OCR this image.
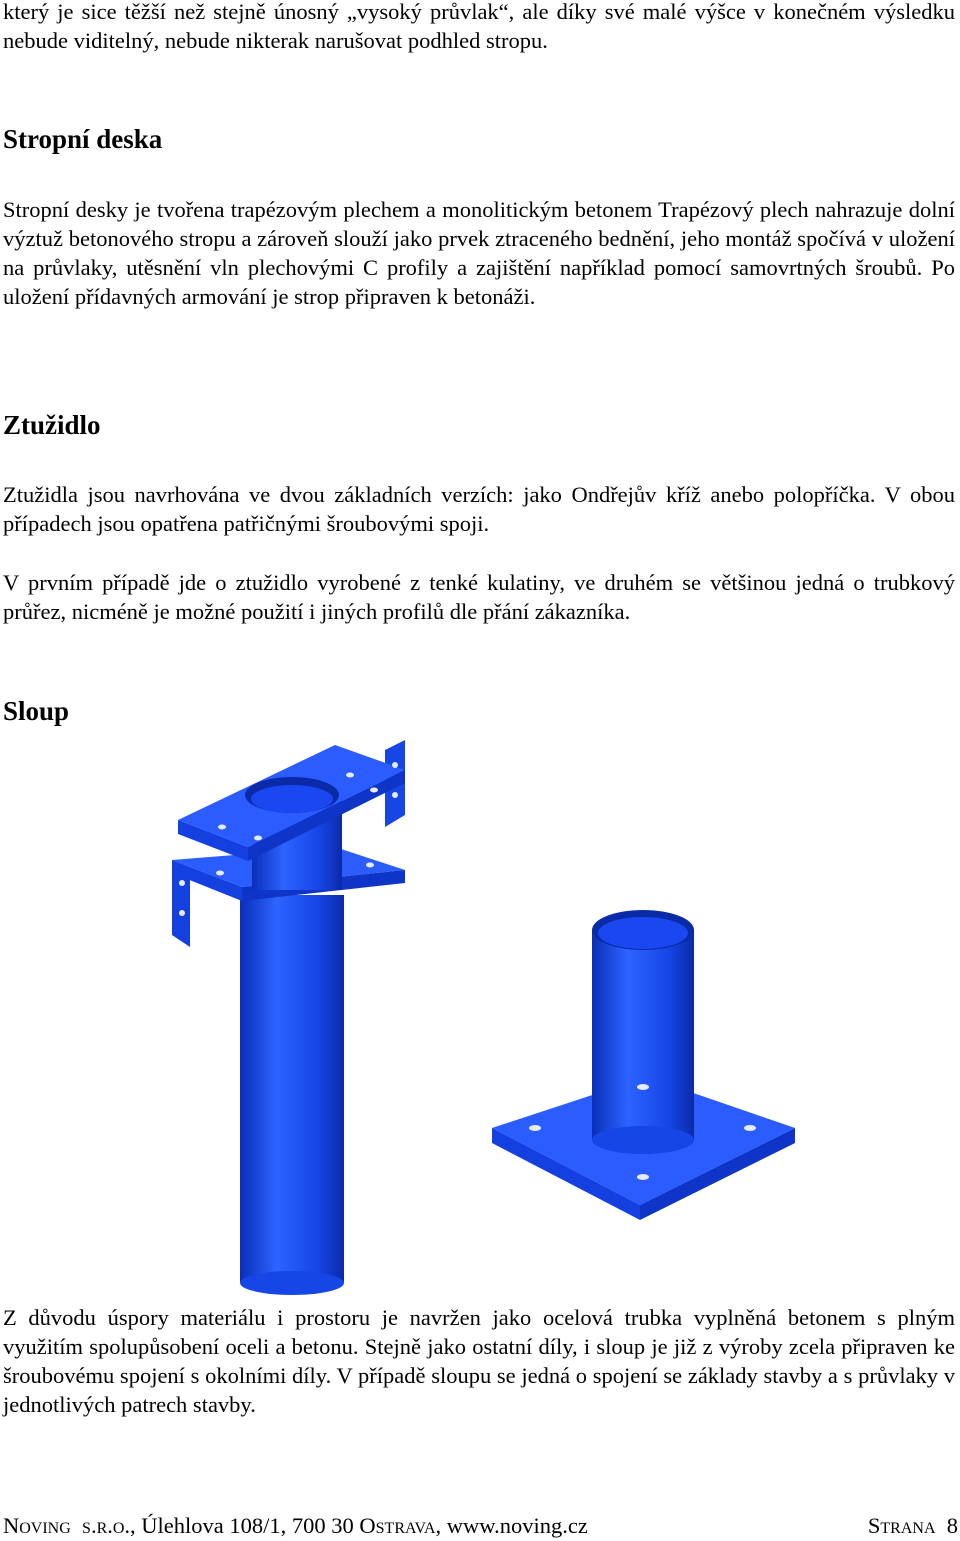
který je sice těžší než stejně únosný „vysoký průvlak“, ale díky své malé výšce v konečném výsledku nebude viditelný, nebude nikterak narušovat podhled stropu.

Stropní deska

Stropní desky je tvořena trapézovým plechem a monolitickým betonem Trapézový plech nahrazuje dolní výztuž betonového stropu a zároveň slouží jako prvek ztraceného bednění, jeho montáž spočívá v uložení na průvlaky, utěsnění vln plechovými C profily a zajištění například pomocí samovrtných šroubů. Po uložení přídavných armování je strop připraven k betonáži.

Ztužidlo

Ztužidla jsou navrhována ve dvou základních verzích: jako Ondřejův kříž anebo polopříčka. V obou případech jsou opatřena patřičnými šroubovými spoji.

V prvním případě jde o ztužidlo vyrobené z tenké kulatiny, ve druhém se většinou jedná o trubkový průřez, nicméně je možné použití i jiných profilů dle přání zákazníka.

Sloup

Z důvodu úspory materiálu i prostoru je navržen jako ocelová trubka vyplněná betonem s plným využitím spolupůsobení oceli a betonu. Stejně jako ostatní díly, i sloup je již z výroby zcela připraven ke šroubovému spojení s okolními díly. V případě sloupu se jedná o spojení se základy stavby a s průvlaky v jednotlivých patrech stavby.

Noving s.r.o., Úlehlova 108/1, 700 30 Ostrava, www.noving.cz	Strana 8
